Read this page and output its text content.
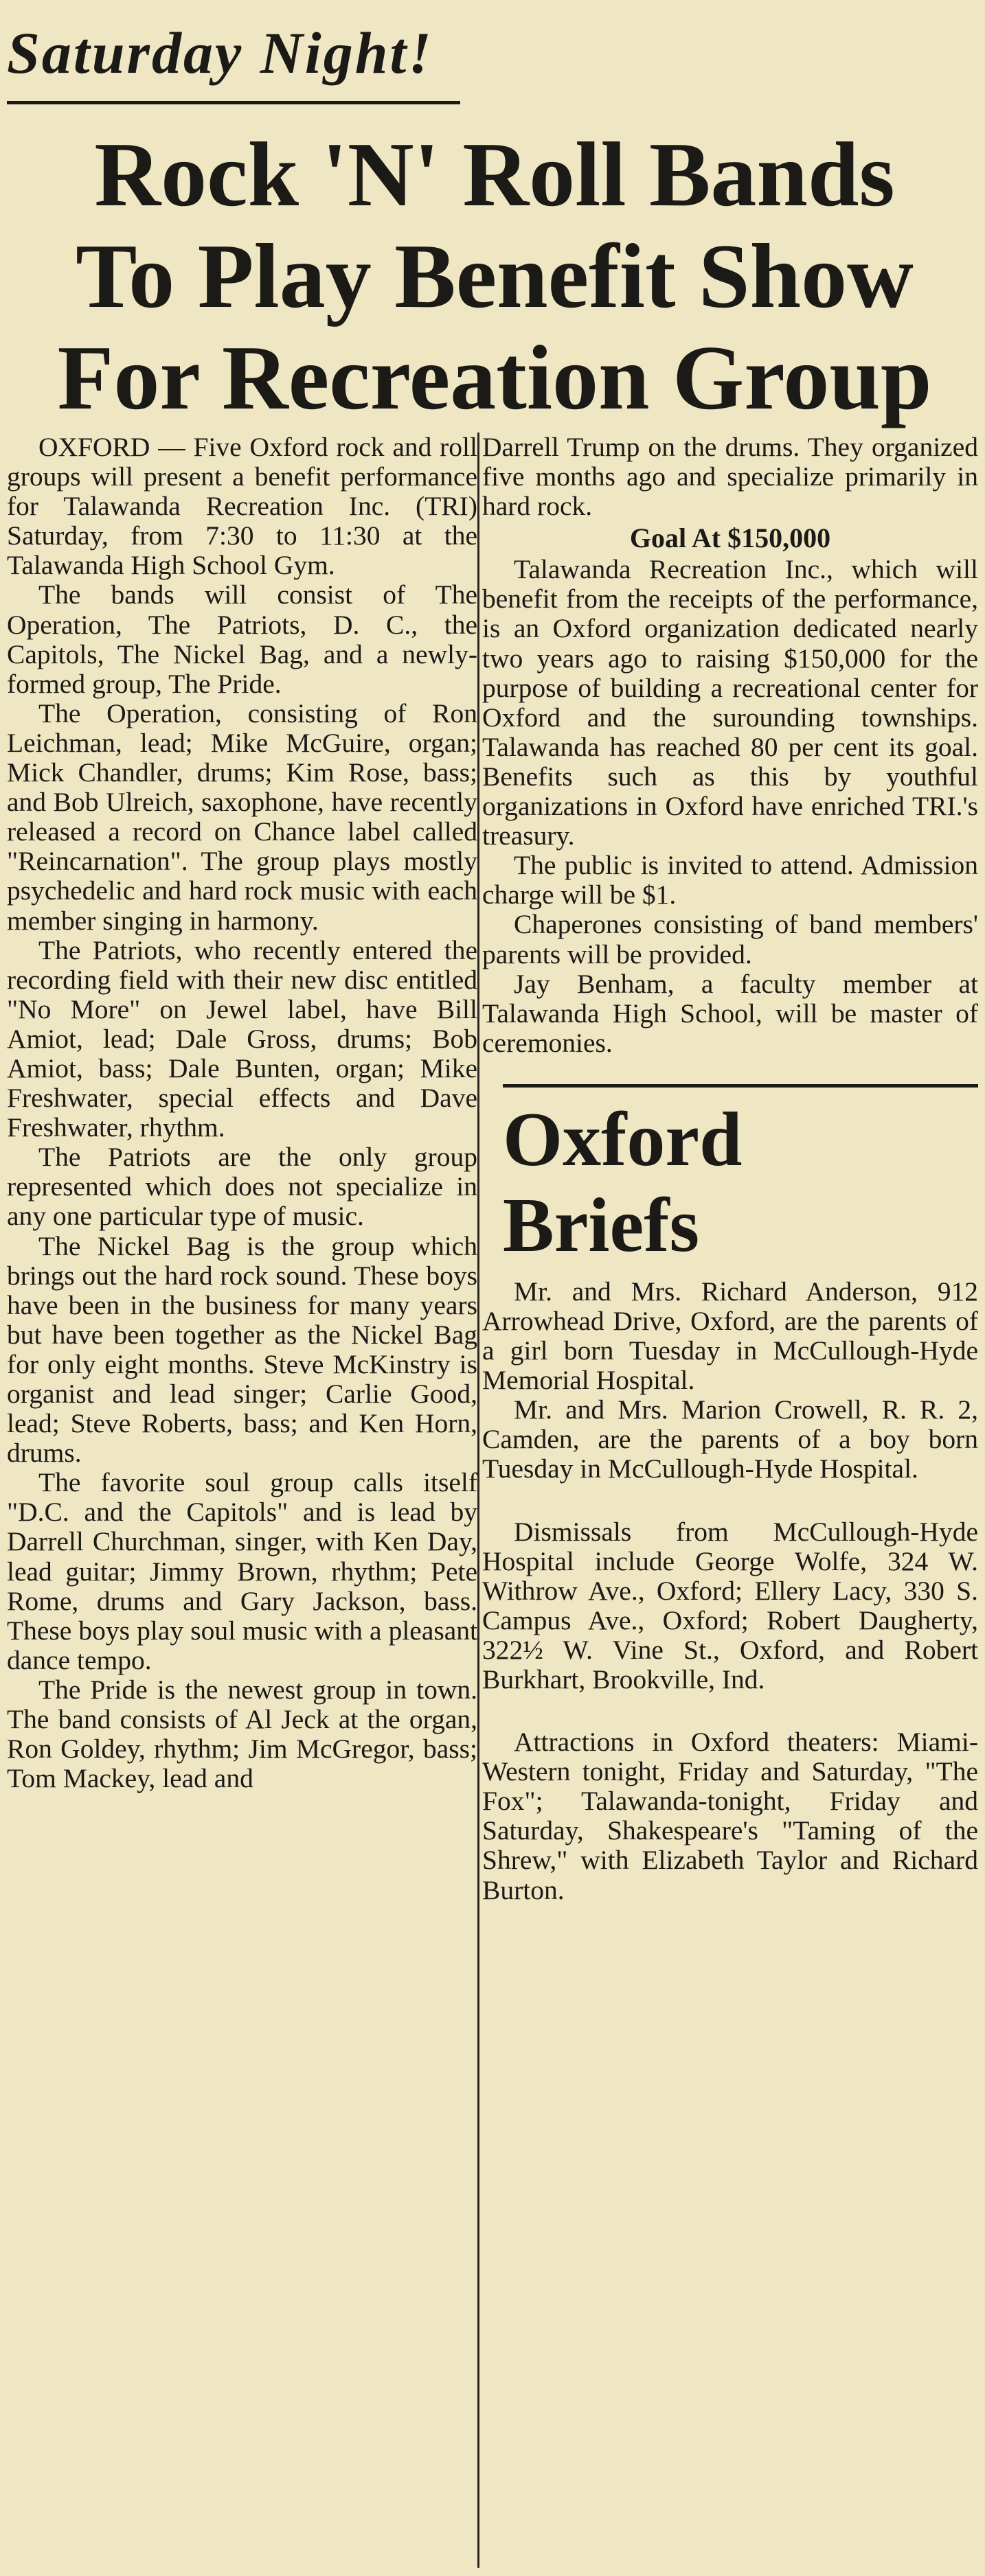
Saturday Night!
Rock 'N' Roll Bands
To Play Benefit Show
For Recreation Group

OXFORD — Five Oxford rock and roll groups will present a benefit performance for Talawanda Recreation Inc. (TRI) Saturday, from 7:30 to 11:30 at the Talawanda High School Gym.

The bands will consist of The Operation, The Patriots, D. C., the Capitols, The Nickel Bag, and a newly-formed group, The Pride.

The Operation, consisting of Ron Leichman, lead; Mike McGuire, organ; Mick Chandler, drums; Kim Rose, bass; and Bob Ulreich, saxophone, have recently released a record on Chance label called "Reincarnation". The group plays mostly psychedelic and hard rock music with each member singing in harmony.

The Patriots, who recently entered the recording field with their new disc entitled "No More" on Jewel label, have Bill Amiot, lead; Dale Gross, drums; Bob Amiot, bass; Dale Bunten, organ; Mike Freshwater, special effects and Dave Freshwater, rhythm.

The Patriots are the only group represented which does not specialize in any one particular type of music.

The Nickel Bag is the group which brings out the hard rock sound. These boys have been in the business for many years but have been together as the Nickel Bag for only eight months. Steve McKinstry is organist and lead singer; Carlie Good, lead; Steve Roberts, bass; and Ken Horn, drums.

The favorite soul group calls itself "D.C. and the Capitols" and is lead by Darrell Churchman, singer, with Ken Day, lead guitar; Jimmy Brown, rhythm; Pete Rome, drums and Gary Jackson, bass. These boys play soul music with a pleasant dance tempo.

The Pride is the newest group in town. The band consists of Al Jeck at the organ, Ron Goldey, rhythm; Jim McGregor, bass; Tom Mackey, lead and

Darrell Trump on the drums. They organized five months ago and specialize primarily in hard rock.

Goal At $150,000

Talawanda Recreation Inc., which will benefit from the receipts of the performance, is an Oxford organization dedicated nearly two years ago to raising $150,000 for the purpose of building a recreational center for Oxford and the surounding townships. Talawanda has reached 80 per cent its goal. Benefits such as this by youthful organizations in Oxford have enriched TRI.'s treasury.

The public is invited to attend. Admission charge will be $1.

Chaperones consisting of band members' parents will be provided.

Jay Benham, a faculty member at Talawanda High School, will be master of ceremonies.

Oxford
Briefs

Mr. and Mrs. Richard Anderson, 912 Arrowhead Drive, Oxford, are the parents of a girl born Tuesday in McCullough-Hyde Memorial Hospital.

Mr. and Mrs. Marion Crowell, R. R. 2, Camden, are the parents of a boy born Tuesday in McCullough-Hyde Hospital.

Dismissals from McCullough-Hyde Hospital include George Wolfe, 324 W. Withrow Ave., Oxford; Ellery Lacy, 330 S. Campus Ave., Oxford; Robert Daugherty, 322½ W. Vine St., Oxford, and Robert Burkhart, Brookville, Ind.

Attractions in Oxford theaters: Miami-Western tonight, Friday and Saturday, "The Fox"; Talawanda-tonight, Friday and Saturday, Shakespeare's "Taming of the Shrew," with Elizabeth Taylor and Richard Burton.
